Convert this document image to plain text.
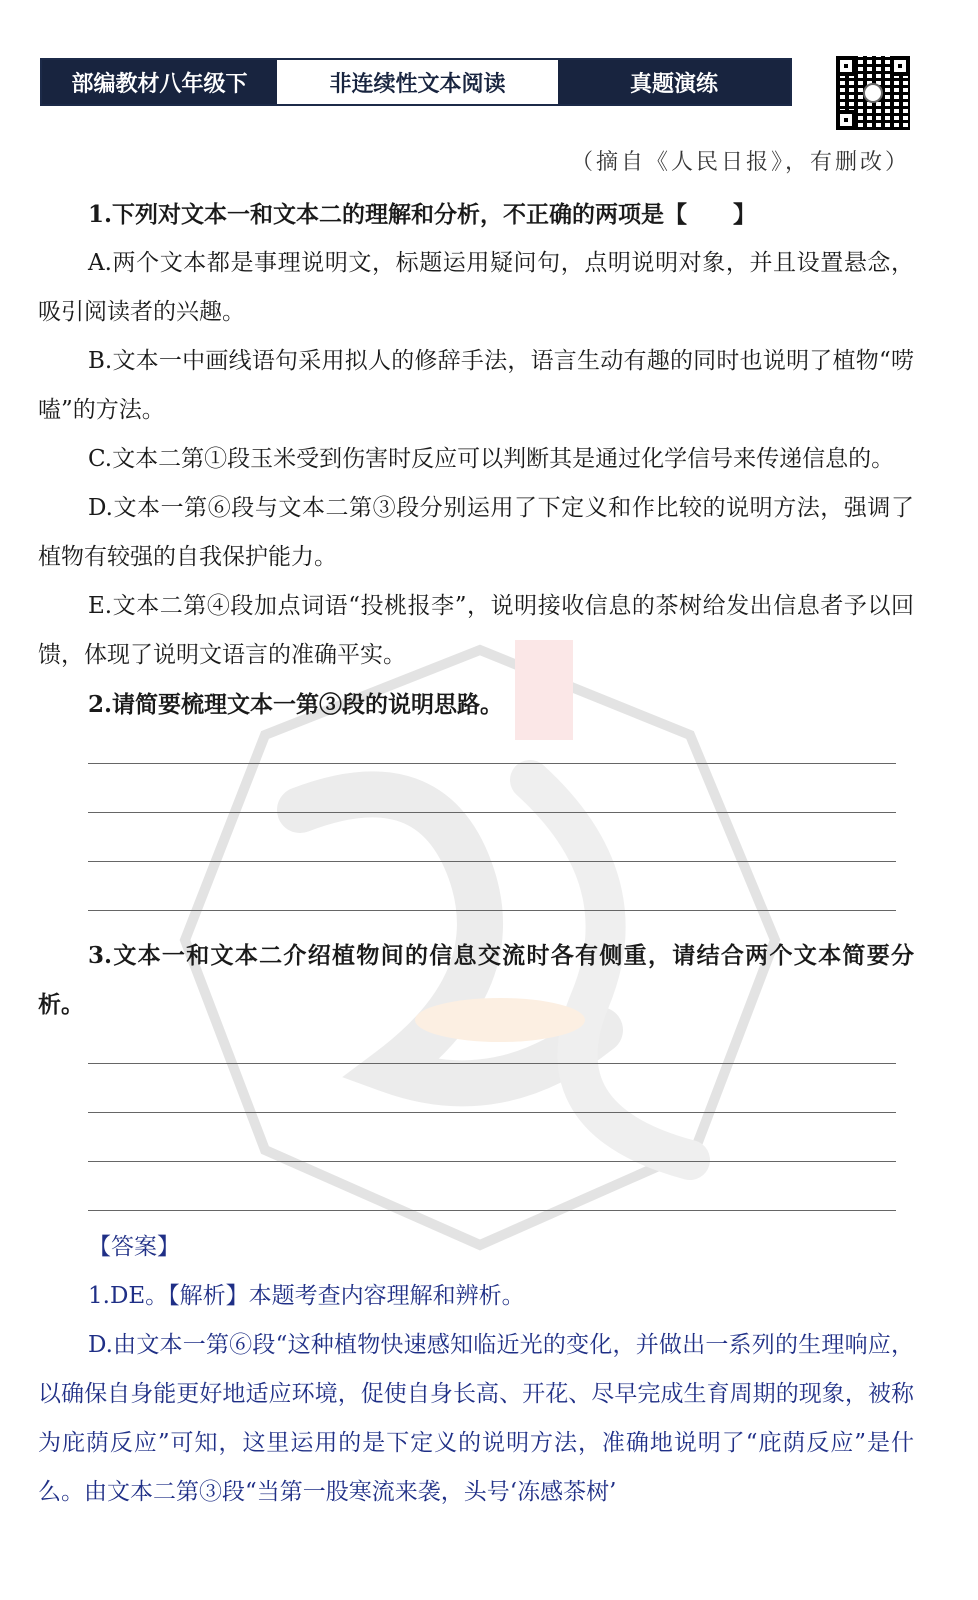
部编教材八年级下	非连续性文本阅读	真题演练
（摘自《人民日报》，有删改）

1.下列对文本一和文本二的理解和分析，不正确的两项是【　　】

A.两个文本都是事理说明文，标题运用疑问句，点明说明对象，并且设置悬念，吸引阅读者的兴趣。

B.文本一中画线语句采用拟人的修辞手法，语言生动有趣的同时也说明了植物“唠嗑”的方法。

C.文本二第①段玉米受到伤害时反应可以判断其是通过化学信号来传递信息的。

D.文本一第⑥段与文本二第③段分别运用了下定义和作比较的说明方法，强调了植物有较强的自我保护能力。

E.文本二第④段加点词语“投桃报李”，说明接收信息的茶树给发出信息者予以回馈，体现了说明文语言的准确平实。

2.请简要梳理文本一第③段的说明思路。

3.文本一和文本二介绍植物间的信息交流时各有侧重，请结合两个文本简要分析。

【答案】

1.DE。【解析】本题考查内容理解和辨析。

D.由文本一第⑥段“这种植物快速感知临近光的变化，并做出一系列的生理响应，以确保自身能更好地适应环境，促使自身长高、开花、尽早完成生育周期的现象，被称为庇荫反应”可知，这里运用的是下定义的说明方法，准确地说明了“庇荫反应”是什么。由文本二第③段“当第一股寒流来袭，头号‘冻感茶树’
